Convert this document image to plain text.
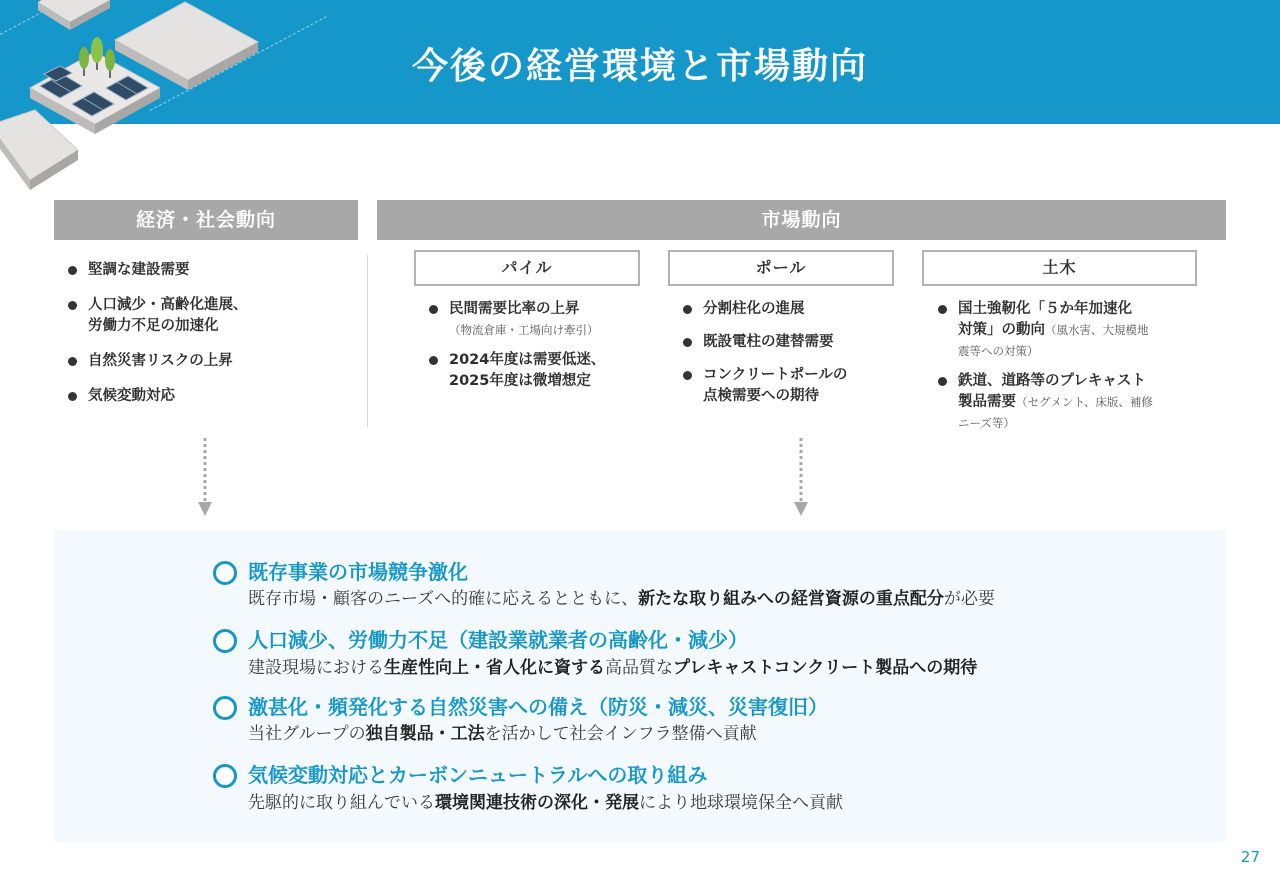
今後の経営環境と市場動向
経済・社会動向	市場動向
堅調な建設需要
人口減少・高齢化進展、
労働力不足の加速化
自然災害リスクの上昇
気候変動対応
パイル	ポール	土木
民間需要比率の上昇
（物流倉庫・工場向け牽引）
2024年度は需要低迷、
2025年度は微増想定
分割柱化の進展
既設電柱の建替需要
コンクリートポールの
点検需要への期待
国土強靭化「５か年加速化
対策」の動向（風水害、大規模地
震等への対策）
鉄道、道路等のプレキャスト
製品需要（セグメント、床版、補修
ニーズ等）
既存事業の市場競争激化
既存市場・顧客のニーズへ的確に応えるとともに、新たな取り組みへの経営資源の重点配分が必要
人口減少、労働力不足（建設業就業者の高齢化・減少）
建設現場における生産性向上・省人化に資する高品質なプレキャストコンクリート製品への期待
激甚化・頻発化する自然災害への備え（防災・減災、災害復旧）
当社グループの独自製品・工法を活かして社会インフラ整備へ貢献
気候変動対応とカーボンニュートラルへの取り組み
先駆的に取り組んでいる環境関連技術の深化・発展により地球環境保全へ貢献
27
